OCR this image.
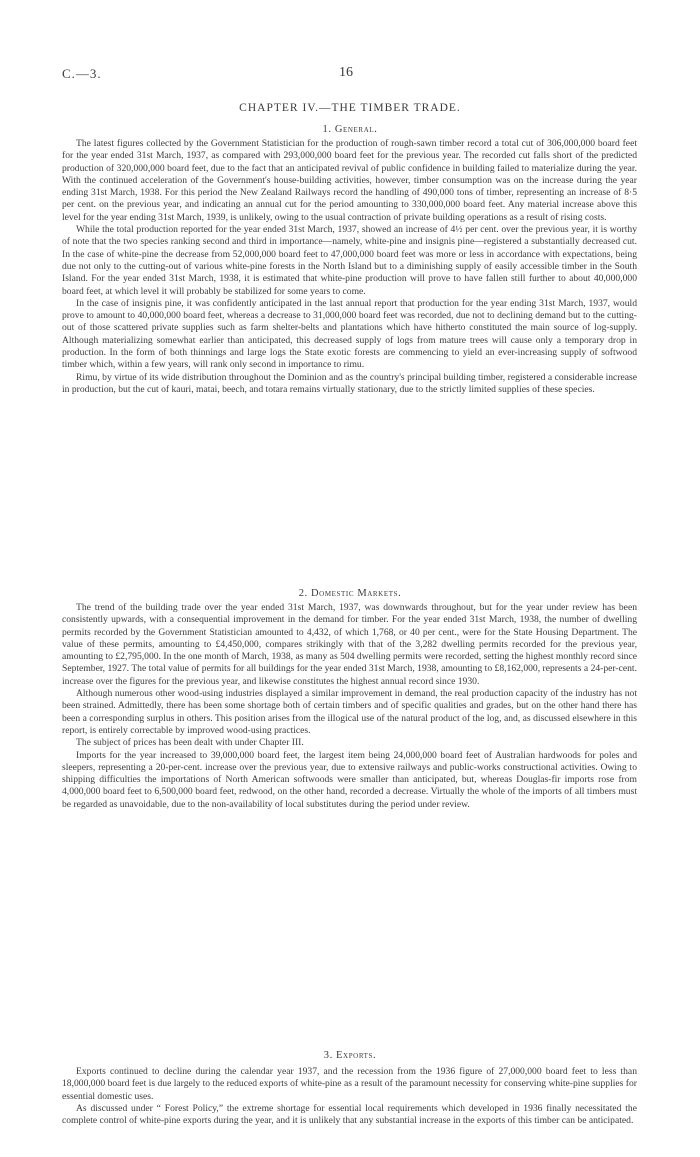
C.—3.	16
CHAPTER IV.—THE TIMBER TRADE.
1. General.

The latest figures collected by the Government Statistician for the production of rough-sawn timber record a total cut of 306,000,000 board feet for the year ended 31st March, 1937, as compared with 293,000,000 board feet for the previous year. The recorded cut falls short of the predicted production of 320,000,000 board feet, due to the fact that an anticipated revival of public confidence in building failed to materialize during the year. With the continued acceleration of the Government's house-building activities, however, timber consumption was on the increase during the year ending 31st March, 1938. For this period the New Zealand Railways record the handling of 490,000 tons of timber, representing an increase of 8·5 per cent. on the previous year, and indicating an annual cut for the period amounting to 330,000,000 board feet. Any material increase above this level for the year ending 31st March, 1939, is unlikely, owing to the usual contraction of private building operations as a result of rising costs.

While the total production reported for the year ended 31st March, 1937, showed an increase of 4½ per cent. over the previous year, it is worthy of note that the two species ranking second and third in importance—namely, white-pine and insignis pine—registered a substantially decreased cut. In the case of white-pine the decrease from 52,000,000 board feet to 47,000,000 board feet was more or less in accordance with expectations, being due not only to the cutting-out of various white-pine forests in the North Island but to a diminishing supply of easily accessible timber in the South Island. For the year ended 31st March, 1938, it is estimated that white-pine production will prove to have fallen still further to about 40,000,000 board feet, at which level it will probably be stabilized for some years to come.

In the case of insignis pine, it was confidently anticipated in the last annual report that production for the year ending 31st March, 1937, would prove to amount to 40,000,000 board feet, whereas a decrease to 31,000,000 board feet was recorded, due not to declining demand but to the cutting-out of those scattered private supplies such as farm shelter-belts and plantations which have hitherto constituted the main source of log-supply. Although materializing somewhat earlier than anticipated, this decreased supply of logs from mature trees will cause only a temporary drop in production. In the form of both thinnings and large logs the State exotic forests are commencing to yield an ever-increasing supply of softwood timber which, within a few years, will rank only second in importance to rimu.

Rimu, by virtue of its wide distribution throughout the Dominion and as the country's principal building timber, registered a considerable increase in production, but the cut of kauri, matai, beech, and totara remains virtually stationary, due to the strictly limited supplies of these species.

2. Domestic Markets.

The trend of the building trade over the year ended 31st March, 1937, was downwards throughout, but for the year under review has been consistently upwards, with a consequential improvement in the demand for timber. For the year ended 31st March, 1938, the number of dwelling permits recorded by the Government Statistician amounted to 4,432, of which 1,768, or 40 per cent., were for the State Housing Department. The value of these permits, amounting to £4,450,000, compares strikingly with that of the 3,282 dwelling permits recorded for the previous year, amounting to £2,795,000. In the one month of March, 1938, as many as 504 dwelling permits were recorded, setting the highest monthly record since September, 1927. The total value of permits for all buildings for the year ended 31st March, 1938, amounting to £8,162,000, represents a 24-per-cent. increase over the figures for the previous year, and likewise constitutes the highest annual record since 1930.

Although numerous other wood-using industries displayed a similar improvement in demand, the real production capacity of the industry has not been strained. Admittedly, there has been some shortage both of certain timbers and of specific qualities and grades, but on the other hand there has been a corresponding surplus in others. This position arises from the illogical use of the natural product of the log, and, as discussed elsewhere in this report, is entirely correctable by improved wood-using practices.

The subject of prices has been dealt with under Chapter III.

Imports for the year increased to 39,000,000 board feet, the largest item being 24,000,000 board feet of Australian hardwoods for poles and sleepers, representing a 20-per-cent. increase over the previous year, due to extensive railways and public-works constructional activities. Owing to shipping difficulties the importations of North American softwoods were smaller than anticipated, but, whereas Douglas-fir imports rose from 4,000,000 board feet to 6,500,000 board feet, redwood, on the other hand, recorded a decrease. Virtually the whole of the imports of all timbers must be regarded as unavoidable, due to the non-availability of local substitutes during the period under review.

3. Exports.

Exports continued to decline during the calendar year 1937, and the recession from the 1936 figure of 27,000,000 board feet to less than 18,000,000 board feet is due largely to the reduced exports of white-pine as a result of the paramount necessity for conserving white-pine supplies for essential domestic uses.

As discussed under “ Forest Policy,” the extreme shortage for essential local requirements which developed in 1936 finally necessitated the complete control of white-pine exports during the year, and it is unlikely that any substantial increase in the exports of this timber can be anticipated.
